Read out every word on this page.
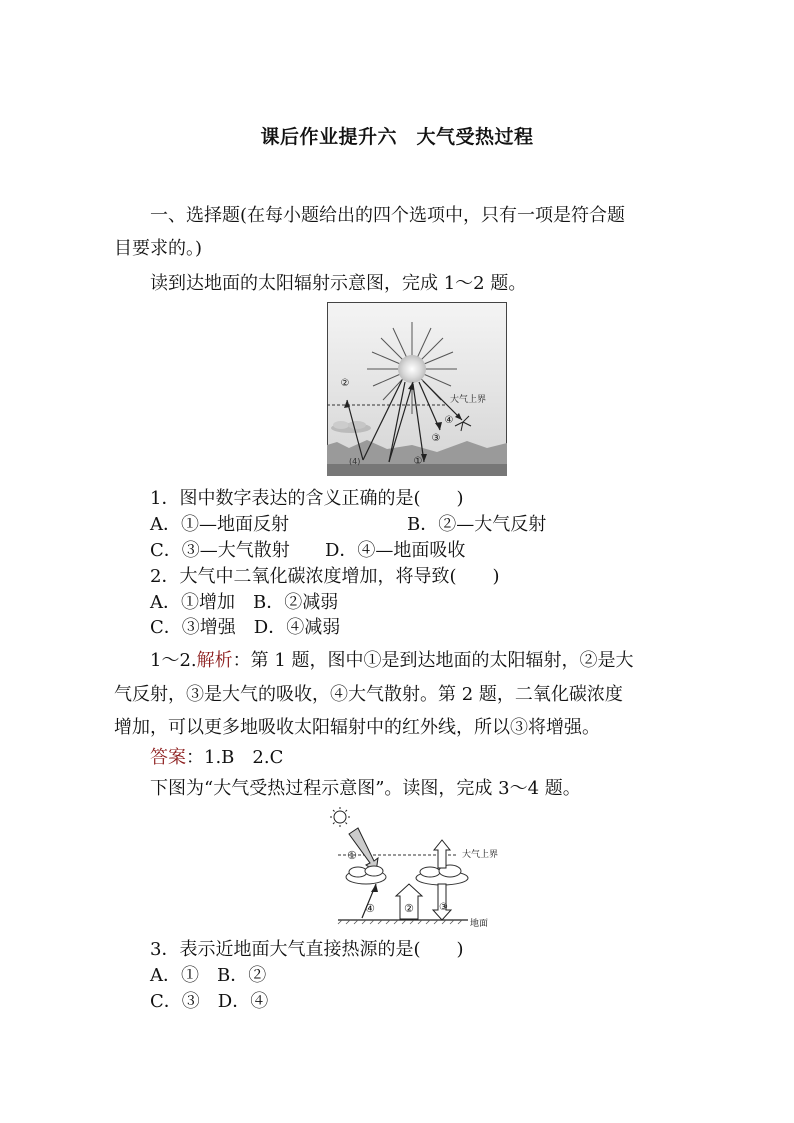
课后作业提升六　大气受热过程
一、选择题(在每小题给出的四个选项中，只有一项是符合题
目要求的。)
读到达地面的太阳辐射示意图，完成 1～2 题。
大气上界
②
④
③
①
(4)
1．图中数字表达的含义正确的是(　　)
A．①—地面反射	B．②—大气反射
C．③—大气散射 D．④—地面吸收
2．大气中二氧化碳浓度增加，将导致(　　)
A．①增加　B．②减弱
C．③增强　D．④减弱
1～2.解析：第 1 题，图中①是到达地面的太阳辐射，②是大
气反射，③是大气的吸收，④大气散射。第 2 题，二氧化碳浓度
增加，可以更多地吸收太阳辐射中的红外线，所以③将增强。
答案：1.B　2.C
下图为“大气受热过程示意图”。读图，完成 3～4 题。
大气上界
①
④	②	③
地面
3．表示近地面大气直接热源的是(　　)
A．①　B．②
C．③　D．④
